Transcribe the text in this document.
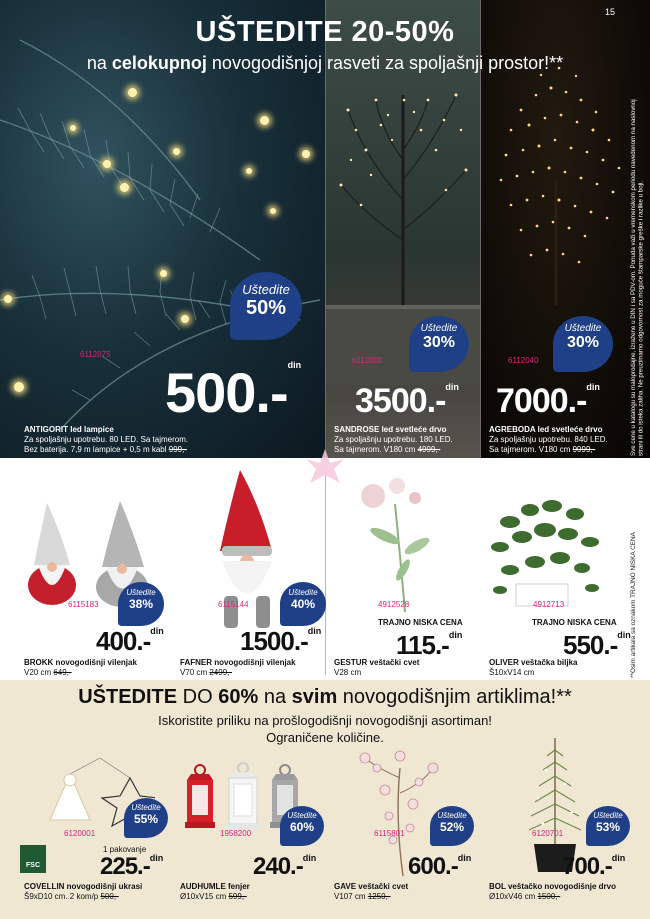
15
UŠTEDITE 20-50%
na celokupnoj novogodišnjoj rasveti za spoljašnji prostor!**
Sve cene u katalogu su maloprodajne, izražene u DIN i sa PDV-om. Ponuda važi u vremenskom periodu navedenom na naslovnoj strani ili do isteka zaliha. Ne preuzimamo odgovornost za moguće štamparske greške i razlike u boji.
Uštedite
50%
6112075
500.-$^{din}$
ANTIGORIT led lampice
Za spoljašnju upotrebu. 80 LED. Sa tajmerom.
Bez baterija. 7,9 m lampice + 0,5 m kabl 999,-
Uštedite
30%
6112000
3500.-$^{din}$
SANDROSE led svetleće drvo
Za spoljašnju upotrebu. 180 LED.
Sa tajmerom. V180 cm 4999,-
Uštedite
30%
6112040
7000.-$^{din}$
AGREBODA led svetleće drvo
Za spoljašnju upotrebu. 840 LED.
Sa tajmerom. V180 cm 9999,-
Uštedite
38%
6115183
400.-$^{din}$
BROKK novogodišnji vilenjak
V20 cm 649,-
Uštedite
40%
6115144
1500.-$^{din}$
FAFNER novogodišnji vilenjak
V70 cm 2499,-
4912528
TRAJNO NISKA CENA
115.-$^{din}$
GESTUR veštački cvet
V28 cm
4912713
TRAJNO NISKA CENA
550.-$^{din}$
OLIVER veštačka biljka
Š10xV14 cm	**Osim artikala sa oznakom TRAJNO NISKA CENA
UŠTEDITE DO 60% na svim novogodišnjim artiklima!**
Iskoristite priliku na prošlogodišnji novogodišnji asortiman!
Ograničene količine.
Uštedite
55%
6120001
FSC
1 pakovanje
225.-$^{din}$
COVELLIN novogodišnji ukrasi
Š9xD10 cm. 2 kom/p 500,-
Uštedite
60%
1958200
240.-$^{din}$
AUDHUMLE fenjer
Ø10xV15 cm 599,-
Uštedite
52%
6115801
600.-$^{din}$
GAVE veštački cvet
V107 cm 1250,-
Uštedite
53%
6120701
700.-$^{din}$
BOL veštačko novogodišnje drvo
Ø10xV46 cm 1500,-
